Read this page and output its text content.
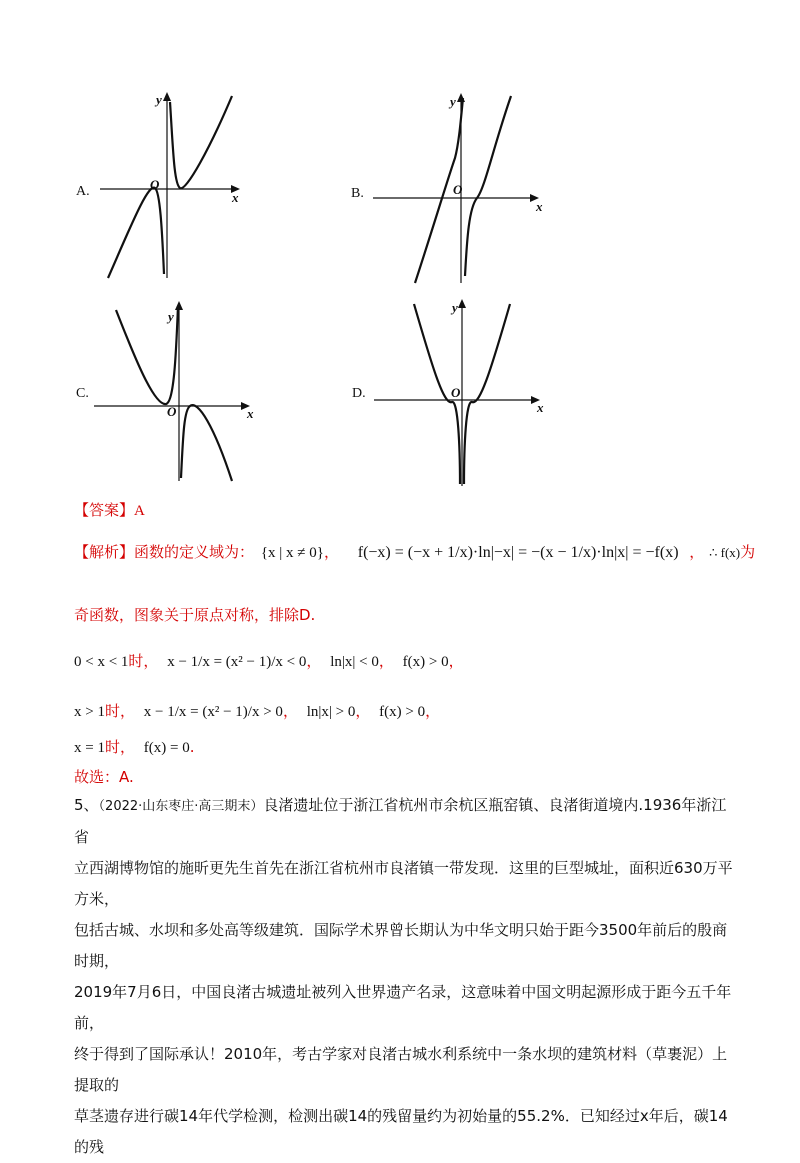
A.	x
y
O
B.
x
y
O
C.
x
y
O
D.
x
y
O
【答案】A
【解析】函数的定义域为： {x | x ≠ 0}， f(−x) = (−x + 1/x)·ln|−x| = −(x − 1/x)·ln|x| = −f(x) ， ∴ f(x)为
奇函数，图象关于原点对称，排除D.
0 < x < 1时， x − 1/x = (x² − 1)/x < 0， ln|x| < 0， f(x) > 0，
x > 1时， x − 1/x = (x² − 1)/x > 0， ln|x| > 0， f(x) > 0，
x = 1时， f(x) = 0.
故选：A.
5、（2022·山东枣庄·高三期末）良渚遗址位于浙江省杭州市余杭区瓶窑镇、良渚街道境内.1936年浙江省
立西湖博物馆的施昕更先生首先在浙江省杭州市良渚镇一带发现．这里的巨型城址，面积近630万平方米，
包括古城、水坝和多处高等级建筑．国际学术界曾长期认为中华文明只始于距今3500年前后的殷商时期，
2019年7月6日，中国良渚古城遗址被列入世界遗产名录，这意味着中国文明起源形成于距今五千年前，
终于得到了国际承认！2010年，考古学家对良渚古城水利系统中一条水坝的建筑材料（草裹泥）上提取的
草茎遗存进行碳14年代学检测，检测出碳14的残留量约为初始量的55.2%．已知经过x年后，碳14的残
